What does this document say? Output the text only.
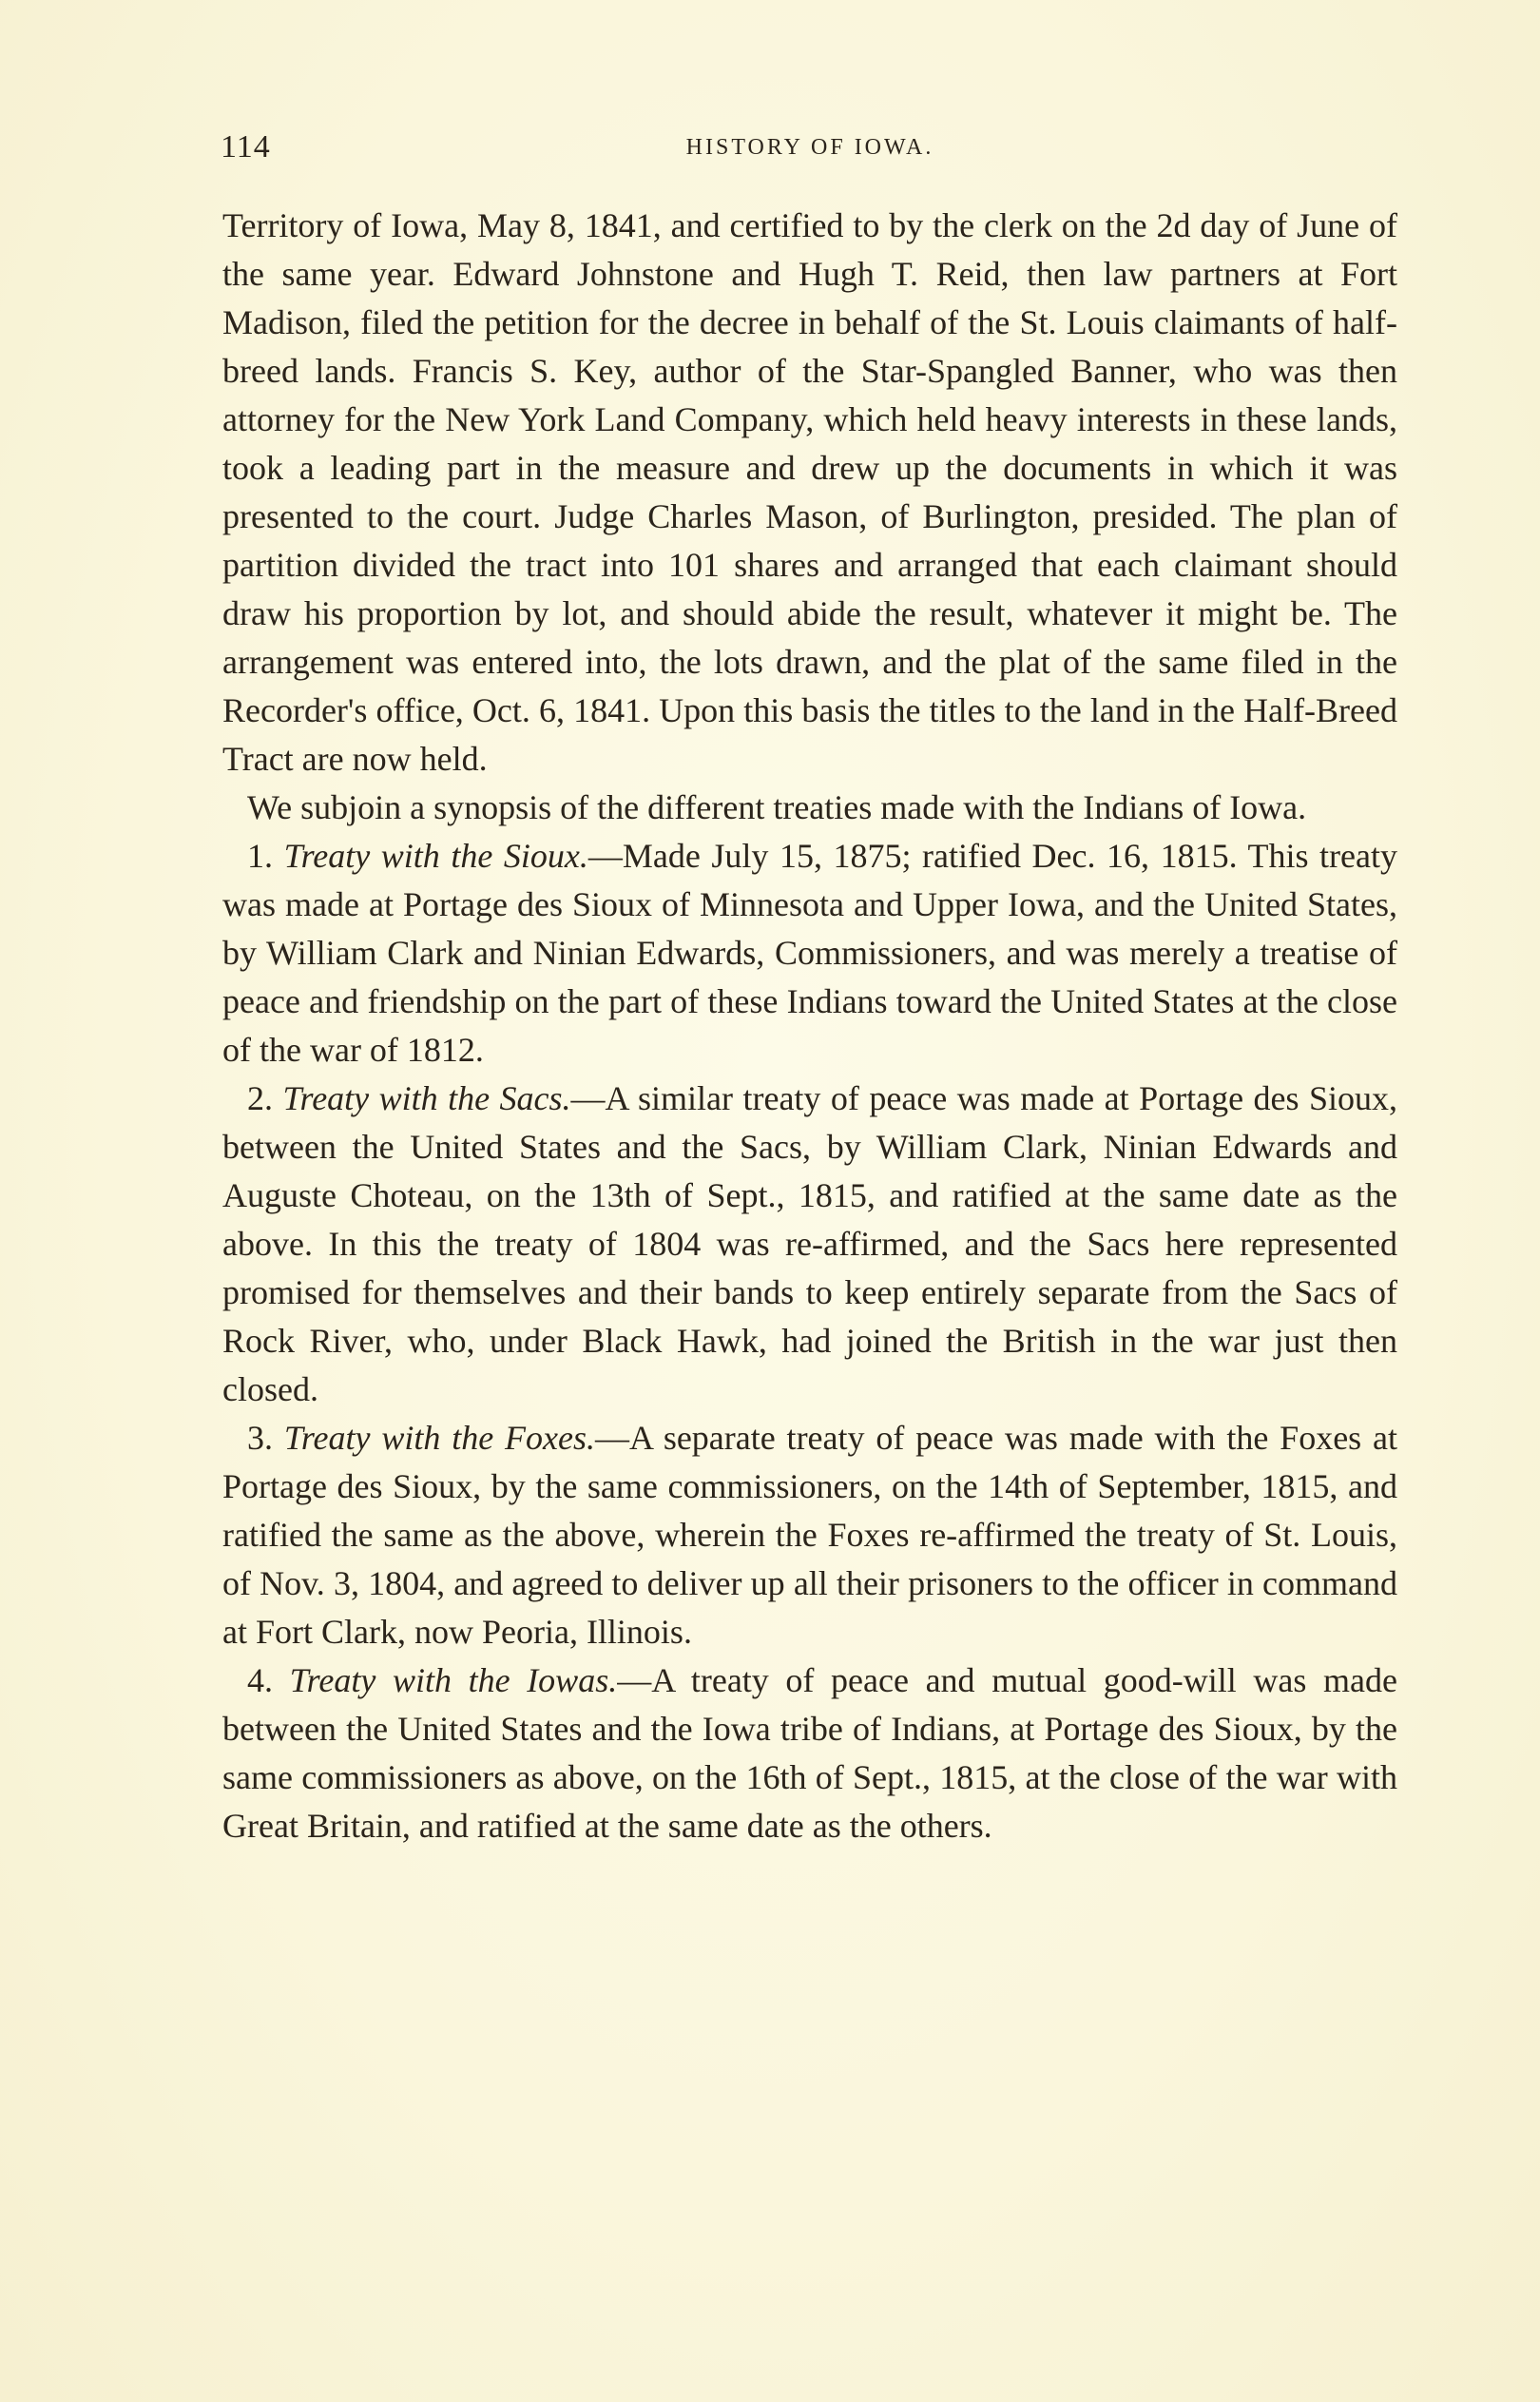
114	HISTORY OF IOWA.

Territory of Iowa, May 8, 1841, and certified to by the clerk on the 2d day of June of the same year. Edward Johnstone and Hugh T. Reid, then law partners at Fort Madison, filed the petition for the decree in behalf of the St. Louis claimants of half-breed lands. Francis S. Key, author of the Star-Spangled Banner, who was then attorney for the New York Land Company, which held heavy interests in these lands, took a leading part in the measure and drew up the documents in which it was presented to the court. Judge Charles Mason, of Burlington, presided. The plan of partition divided the tract into 101 shares and arranged that each claimant should draw his proportion by lot, and should abide the result, whatever it might be. The arrangement was entered into, the lots drawn, and the plat of the same filed in the Recorder's office, Oct. 6, 1841. Upon this basis the titles to the land in the Half-Breed Tract are now held.

We subjoin a synopsis of the different treaties made with the Indians of Iowa.

1. Treaty with the Sioux.—Made July 15, 1875; ratified Dec. 16, 1815. This treaty was made at Portage des Sioux of Minnesota and Upper Iowa, and the United States, by William Clark and Ninian Edwards, Commissioners, and was merely a treatise of peace and friendship on the part of these Indians toward the United States at the close of the war of 1812.

2. Treaty with the Sacs.—A similar treaty of peace was made at Portage des Sioux, between the United States and the Sacs, by William Clark, Ninian Edwards and Auguste Choteau, on the 13th of Sept., 1815, and ratified at the same date as the above. In this the treaty of 1804 was re-affirmed, and the Sacs here represented promised for themselves and their bands to keep entirely separate from the Sacs of Rock River, who, under Black Hawk, had joined the British in the war just then closed.

3. Treaty with the Foxes.—A separate treaty of peace was made with the Foxes at Portage des Sioux, by the same commissioners, on the 14th of September, 1815, and ratified the same as the above, wherein the Foxes re-affirmed the treaty of St. Louis, of Nov. 3, 1804, and agreed to deliver up all their prisoners to the officer in command at Fort Clark, now Peoria, Illinois.

4. Treaty with the Iowas.—A treaty of peace and mutual good-will was made between the United States and the Iowa tribe of Indians, at Portage des Sioux, by the same commissioners as above, on the 16th of Sept., 1815, at the close of the war with Great Britain, and ratified at the same date as the others.
